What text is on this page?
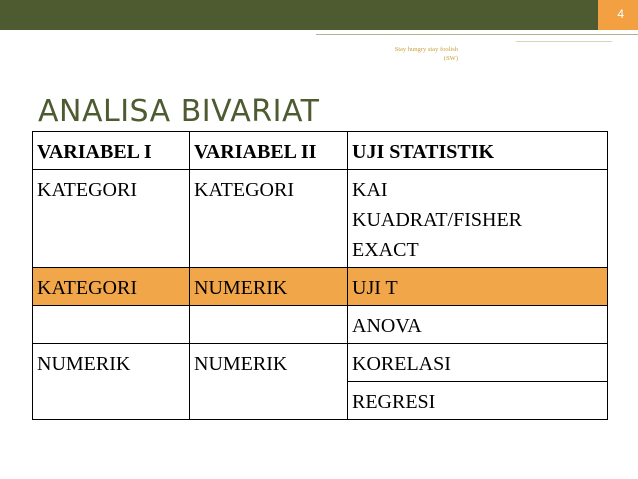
4
Stay hungry stay foolish
(SW)
ANALISA BIVARIAT
VARIABEL I	VARIABEL II	UJI STATISTIK
KATEGORI	KATEGORI	KAI
KUADRAT/FISHER
EXACT

KATEGORI	NUMERIK	UJI T
		ANOVA
NUMERIK	NUMERIK	KORELASI
		REGRESI
